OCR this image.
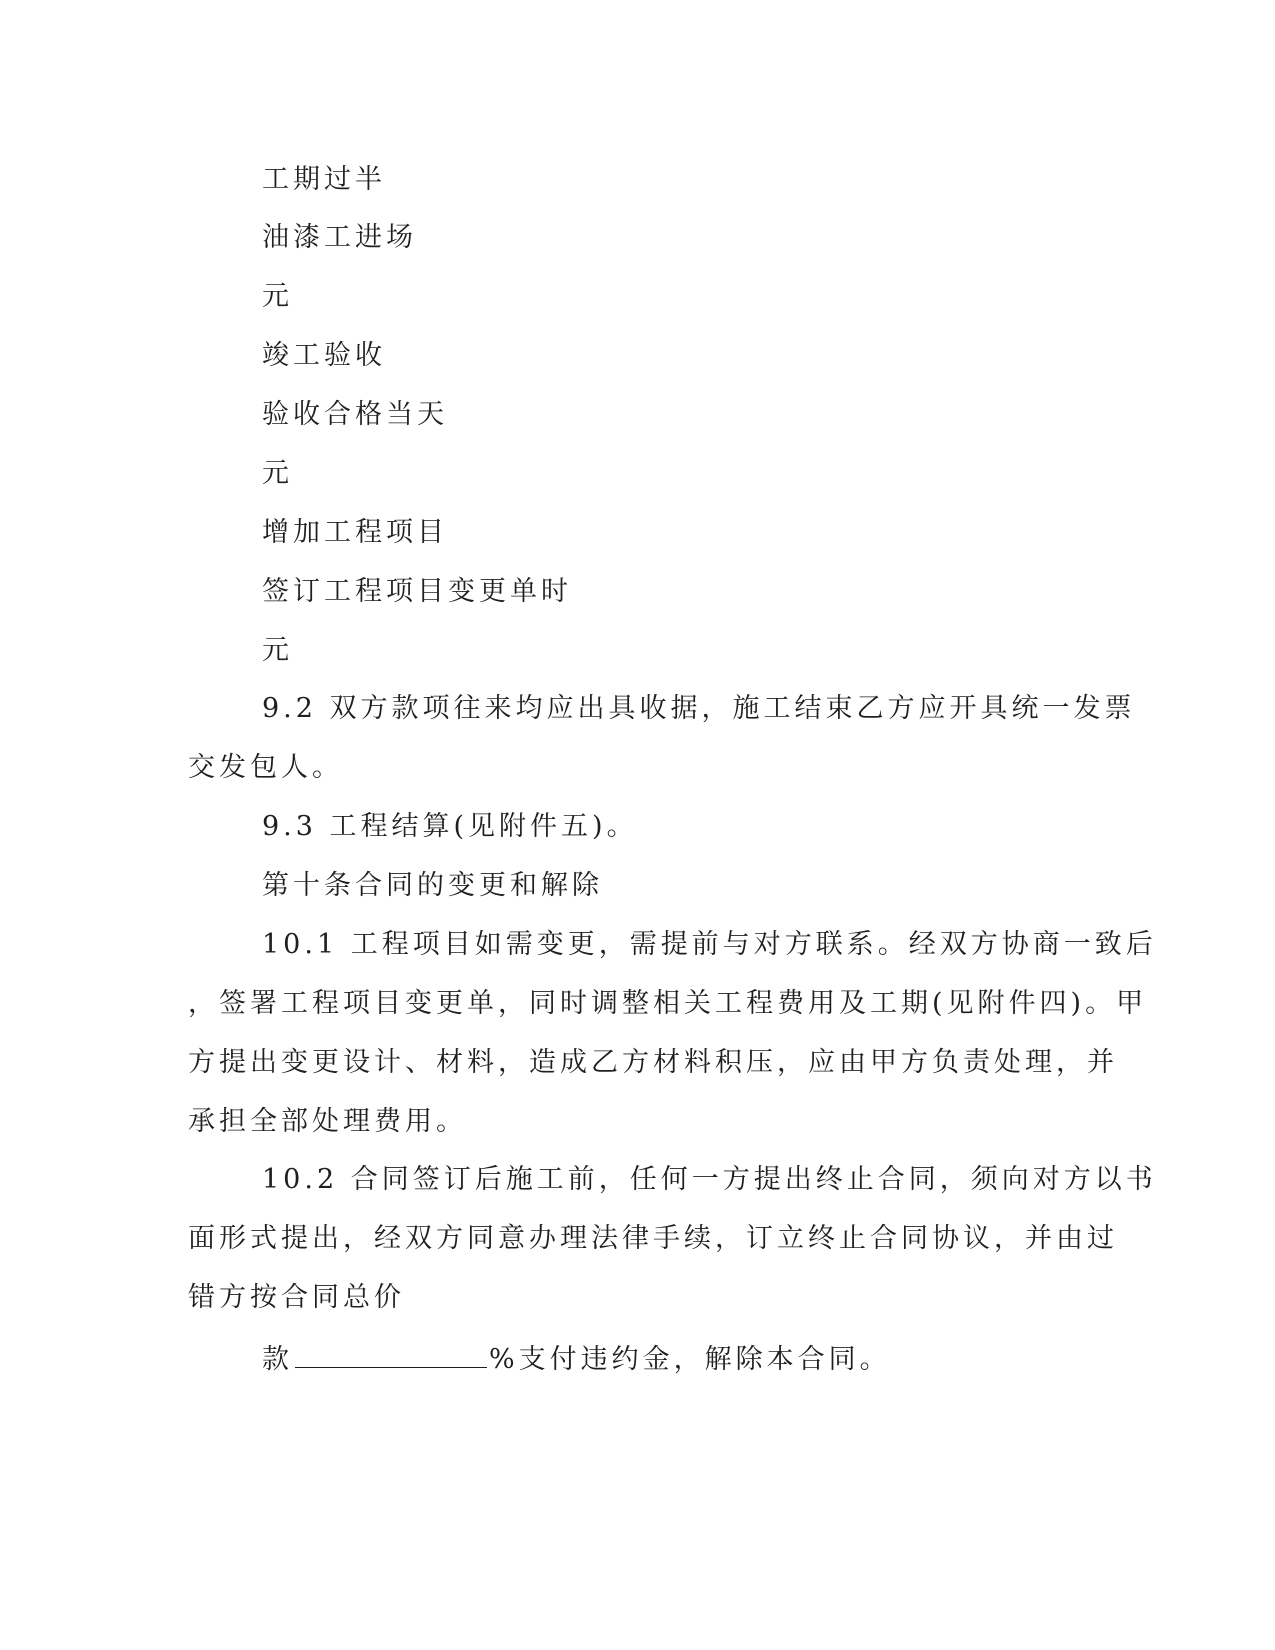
工期过半
油漆工进场
元
竣工验收
验收合格当天
元
增加工程项目
签订工程项目变更单时
元
9.2 双方款项往来均应出具收据，施工结束乙方应开具统一发票
交发包人。
9.3 工程结算(见附件五)。
第十条合同的变更和解除
10.1 工程项目如需变更，需提前与对方联系。经双方协商一致后
，签署工程项目变更单，同时调整相关工程费用及工期(见附件四)。甲
方提出变更设计、材料，造成乙方材料积压，应由甲方负责处理，并
承担全部处理费用。
10.2 合同签订后施工前，任何一方提出终止合同，须向对方以书
面形式提出，经双方同意办理法律手续，订立终止合同协议，并由过
错方按合同总价
款	%支付违约金，解除本合同。
